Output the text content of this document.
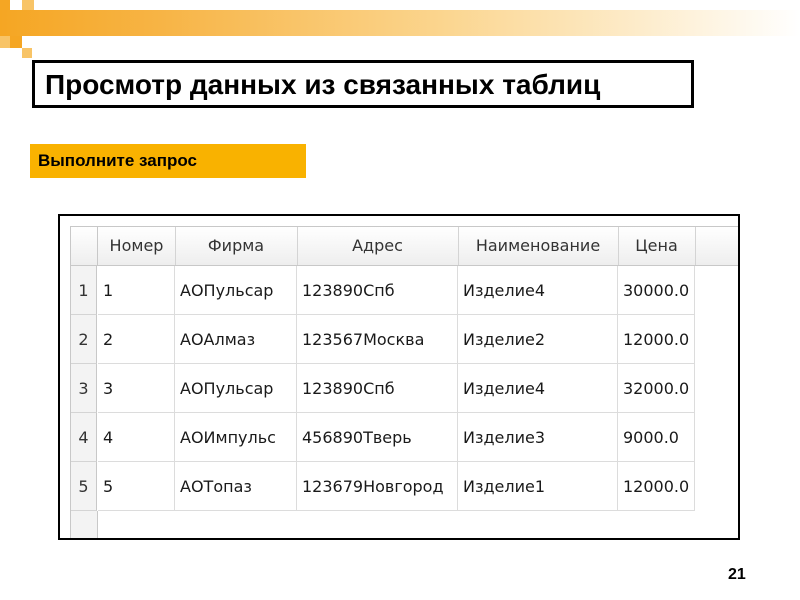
Просмотр данных из связанных таблиц
Выполните запрос
Номер	Фирма	Адрес	Наименование	Цена
1 1	АОПульсар	123890Спб	Изделие4	30000.0
2 2	АОАлмаз	123567Москва	Изделие2	12000.0
3 3	АОПульсар	123890Спб	Изделие4	32000.0
4 4	АОИмпульс	456890Тверь	Изделие3	9000.0
5 5	АОТопаз	123679Новгород	Изделие1	12000.0
21
